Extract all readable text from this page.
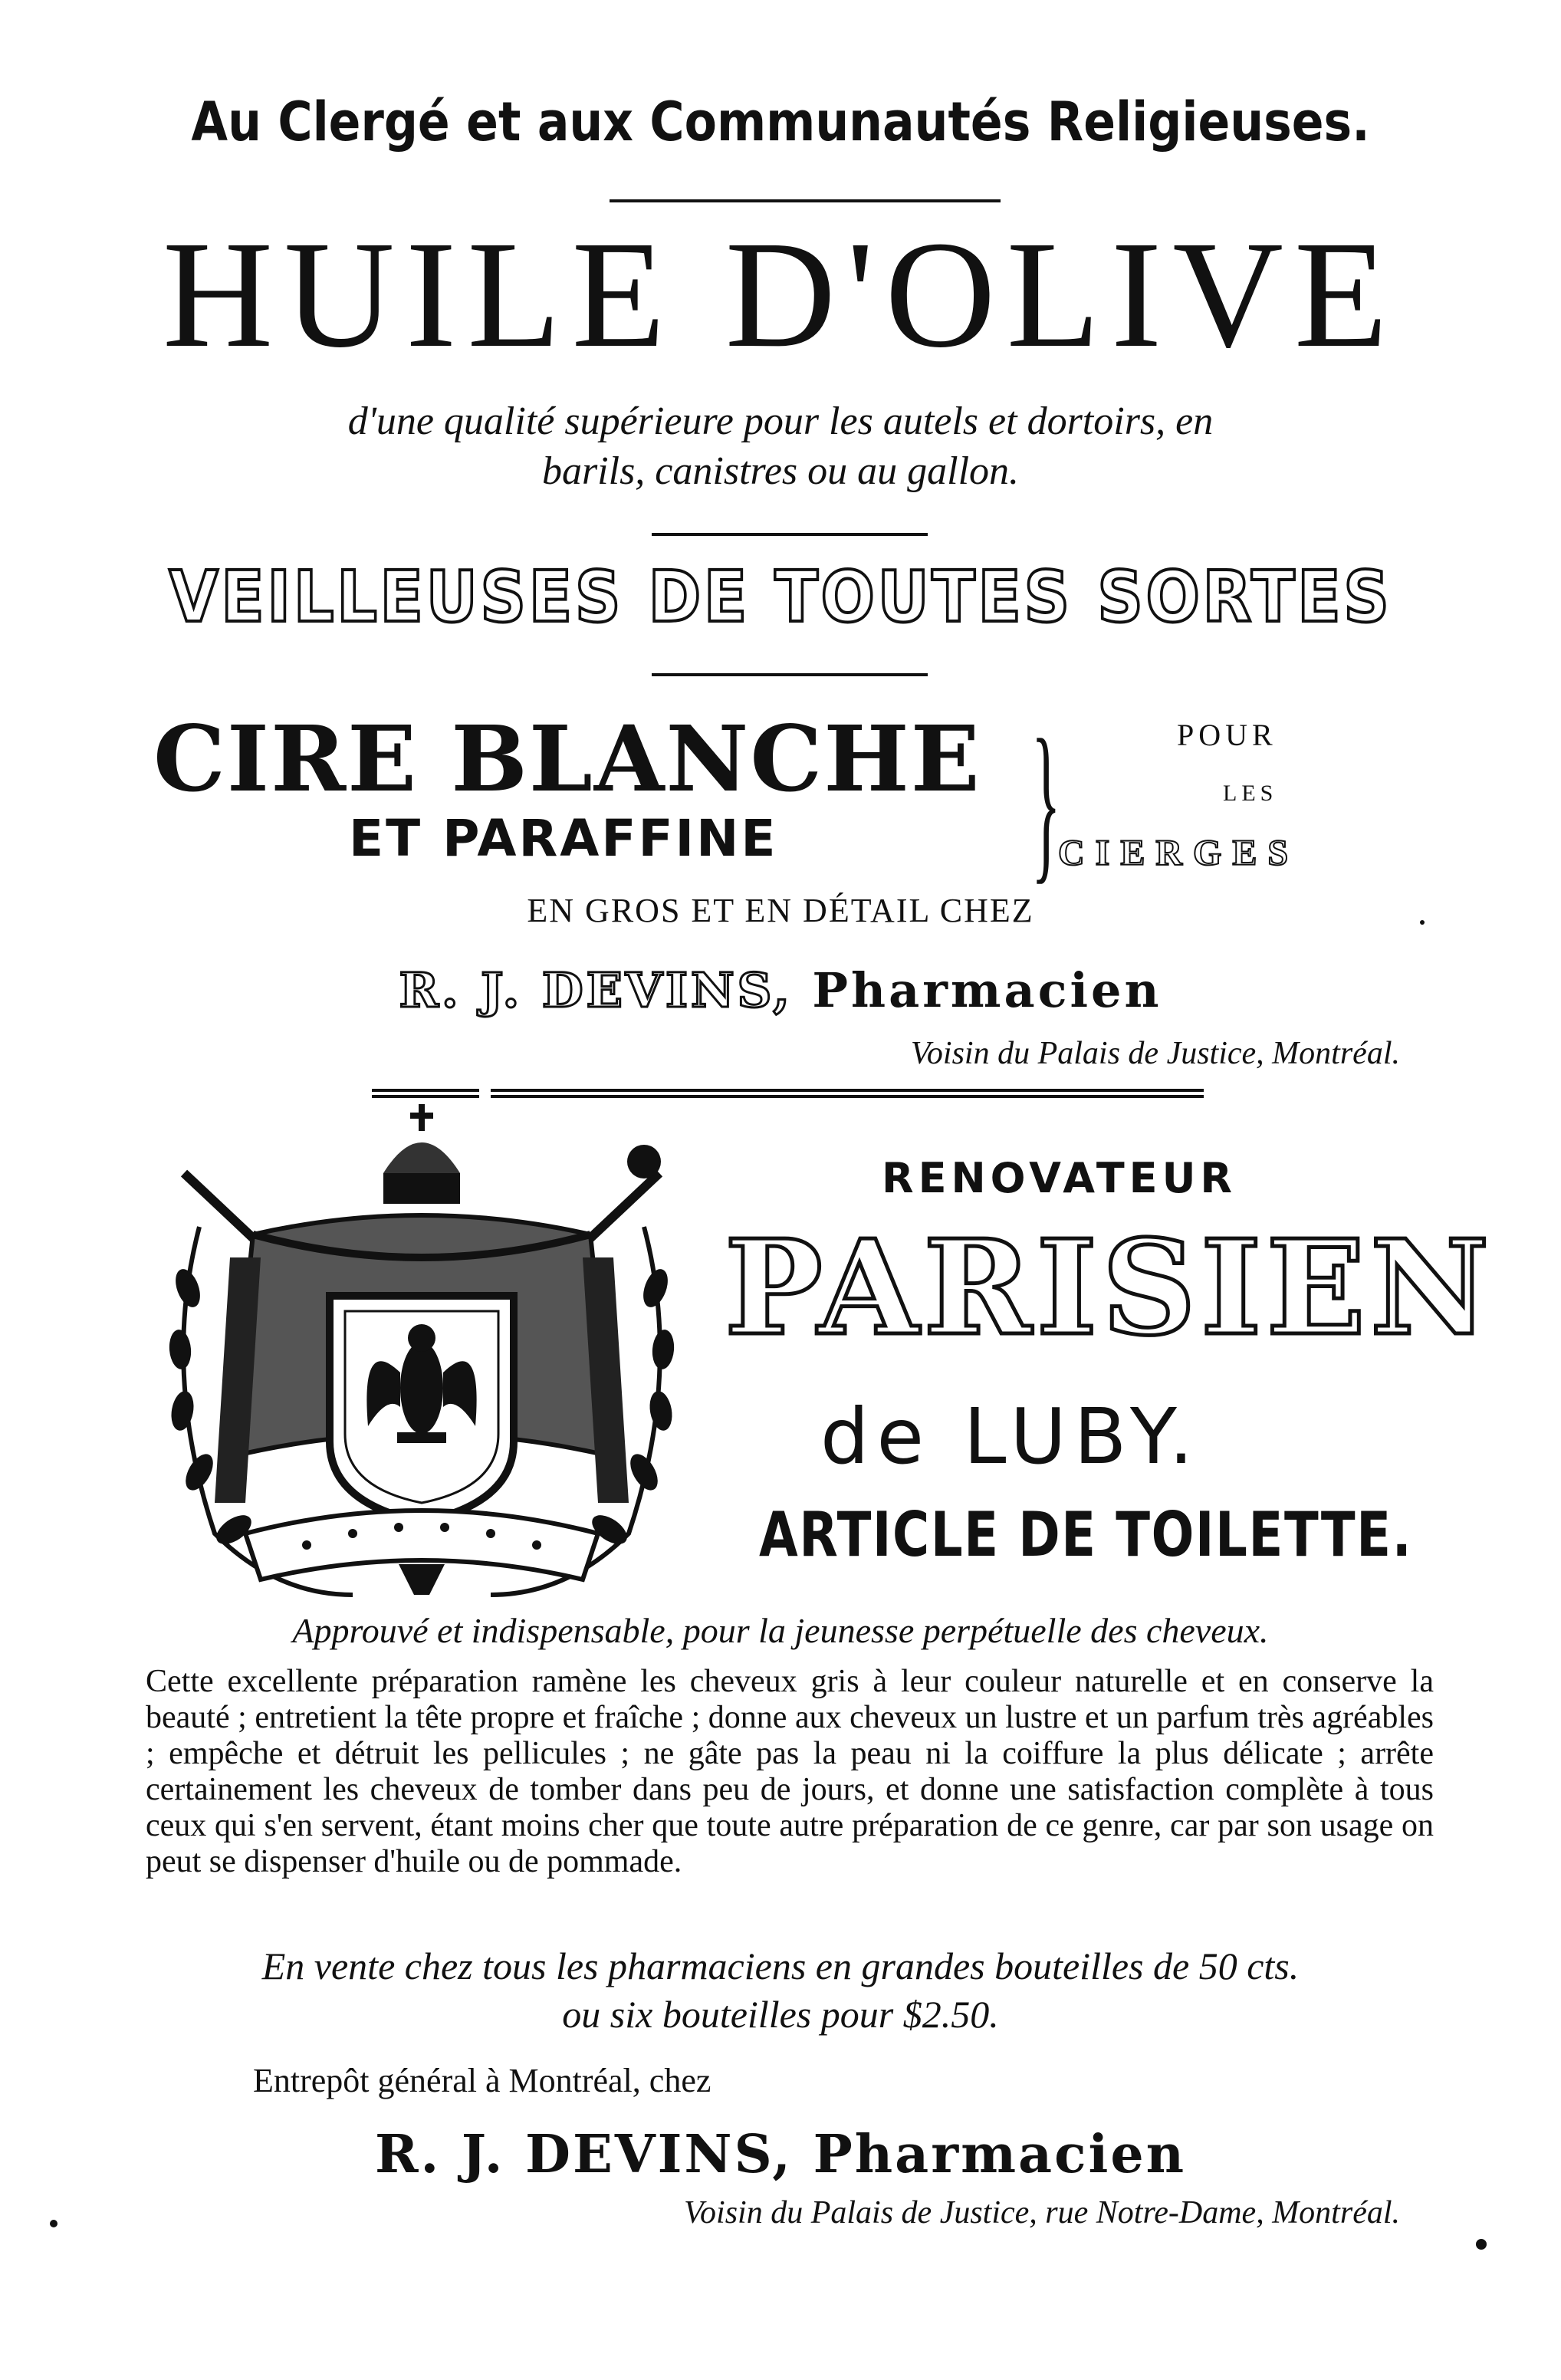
Au Clergé et aux Communautés Religieuses.
HUILE D'OLIVE
d'une qualité supérieure pour les autels et dortoirs, en
barils, canistres ou au gallon.
VEILLEUSES DE TOUTES SORTES
CIRE BLANCHE
ET PARAFFINE }	POUR
LES
CIERGES
EN GROS ET EN DÉTAIL CHEZ
R. J. DEVINS, Pharmacien
Voisin du Palais de Justice, Montréal.
RENOVATEUR
PARISIEN
de LUBY.
ARTICLE DE TOILETTE.
Approuvé et indispensable, pour la jeunesse perpétuelle des cheveux.
Cette excellente préparation ramène les cheveux gris à leur couleur naturelle et en conserve la beauté ; entretient la tête propre et fraîche ; donne aux cheveux un lustre et un parfum très agréables ; empêche et détruit les pellicules ; ne gâte pas la peau ni la coiffure la plus délicate ; arrête certainement les cheveux de tomber dans peu de jours, et donne une satisfaction complète à tous ceux qui s'en servent, étant moins cher que toute autre préparation de ce genre, car par son usage on peut se dispenser d'huile ou de pommade.
En vente chez tous les pharmaciens en grandes bouteilles de 50 cts.
ou six bouteilles pour $2.50.
Entrepôt général à Montréal, chez
R. J. DEVINS, Pharmacien
Voisin du Palais de Justice, rue Notre-Dame, Montréal.
